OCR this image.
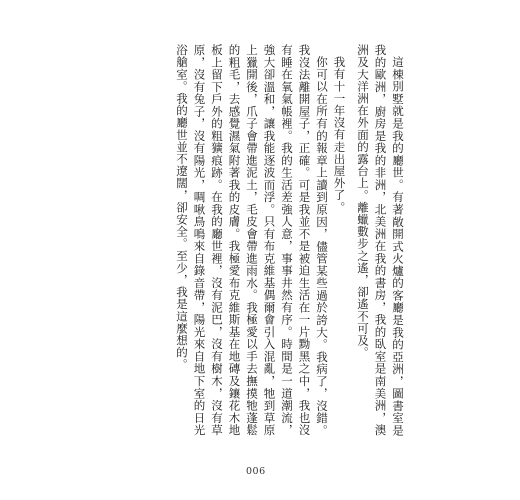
這棟別墅就是我的廳世。有著敞開式火爐的客廳是我的亞洲，圖書室是我的歐洲，廚房是我的非洲，北美洲在我的書房，我的臥室是南美洲，澳洲及大洋洲在外面的露台上。離蠟數步之遙，卻遙不可及。

我有十一年沒有走出屋外了。

你可以在所有的報章上讀到原因，儘管某些過於誇大。我病了，沒錯。我沒法離開屋子，正確。可是我並不是被迫生活在一片黝黑之中，我也沒有睡在氧氣帳裡。我的生活差強人意，事事井然有序。時間是一道潮流，強大卻溫和，讓我能逐波而浮。只有布克維基偶爾會引入混亂，牠到草原上獵開後，爪子會帶進泥土，毛皮會帶進雨水。我極愛以手去撫摸牠蓬鬆的粗毛，去感覺濕氣附著我的皮膚。我極愛布克維斯基在地磚及鑲花木地板上留下戶外的粗獷痕跡。在我的廳世裡，沒有泥巴，沒有樹木，沒有草原，沒有兔子，沒有陽光，啁啾鳥鳴來自錄音帶，陽光來自地下室的日光浴艙室。我的廳世並不遼闊，卻安全。至少，我是這麼想的。

006
